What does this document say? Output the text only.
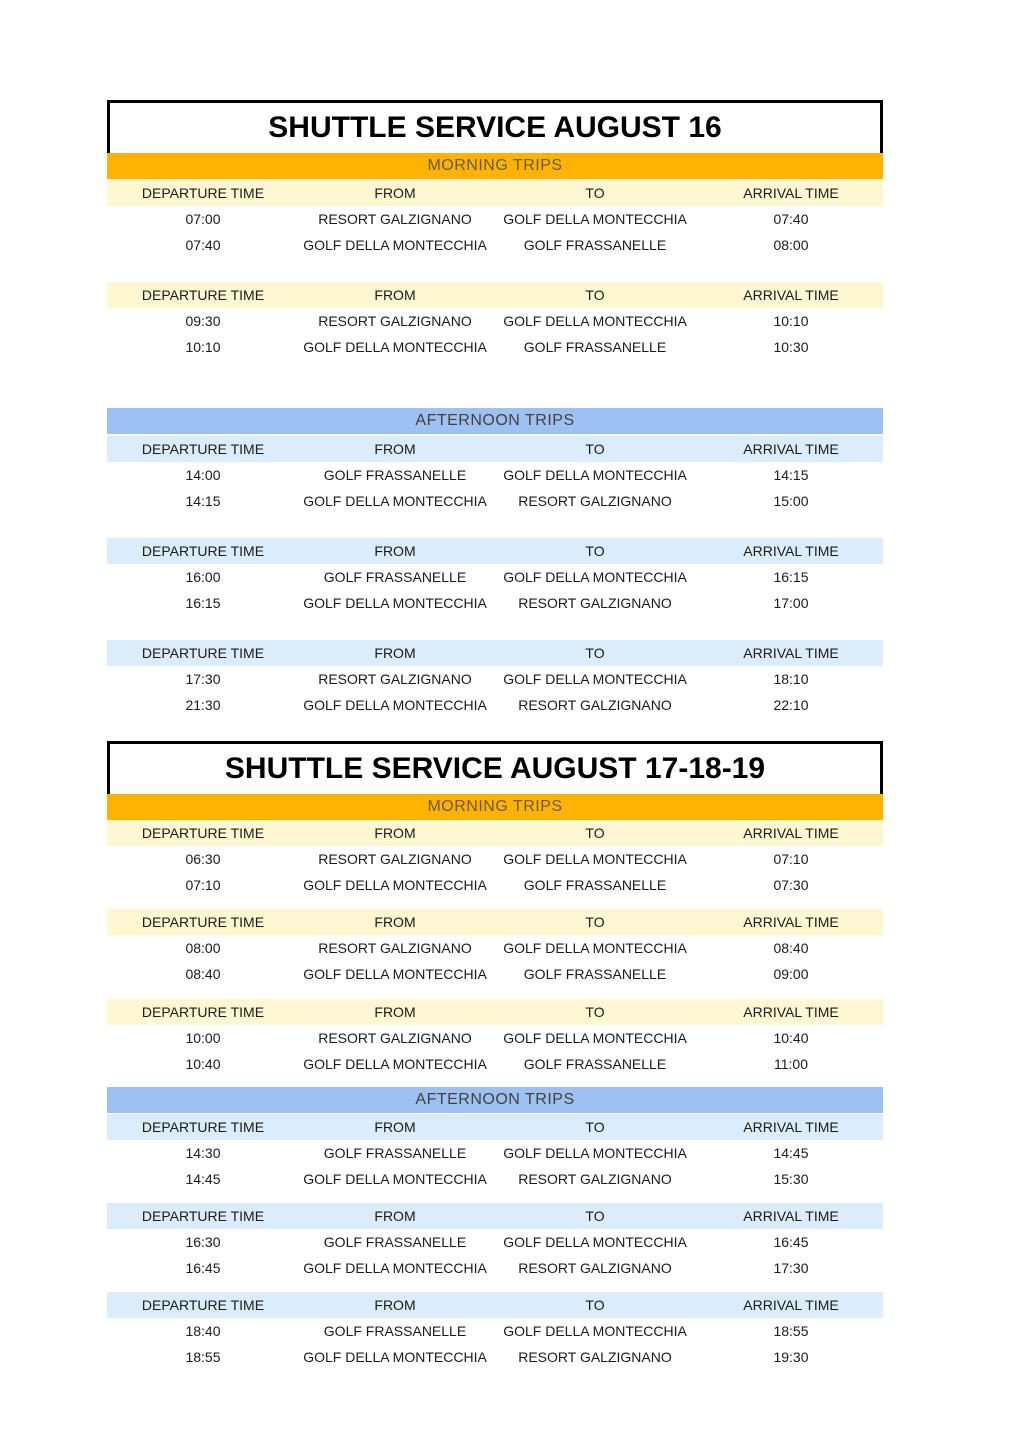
SHUTTLE SERVICE AUGUST 16
MORNING TRIPS
DEPARTURE TIME	FROM	TO	ARRIVAL TIME
07:00	RESORT GALZIGNANO	GOLF DELLA MONTECCHIA	07:40
07:40	GOLF DELLA MONTECCHIA	GOLF FRASSANELLE	08:00
DEPARTURE TIME	FROM	TO	ARRIVAL TIME
09:30	RESORT GALZIGNANO	GOLF DELLA MONTECCHIA	10:10
10:10	GOLF DELLA MONTECCHIA	GOLF FRASSANELLE	10:30
AFTERNOON TRIPS
DEPARTURE TIME	FROM	TO	ARRIVAL TIME
14:00	GOLF FRASSANELLE	GOLF DELLA MONTECCHIA	14:15
14:15	GOLF DELLA MONTECCHIA	RESORT GALZIGNANO	15:00
DEPARTURE TIME	FROM	TO	ARRIVAL TIME
16:00	GOLF FRASSANELLE	GOLF DELLA MONTECCHIA	16:15
16:15	GOLF DELLA MONTECCHIA	RESORT GALZIGNANO	17:00
DEPARTURE TIME	FROM	TO	ARRIVAL TIME
17:30	RESORT GALZIGNANO	GOLF DELLA MONTECCHIA	18:10
21:30	GOLF DELLA MONTECCHIA	RESORT GALZIGNANO	22:10
SHUTTLE SERVICE AUGUST 17-18-19
MORNING TRIPS
DEPARTURE TIME	FROM	TO	ARRIVAL TIME
06:30	RESORT GALZIGNANO	GOLF DELLA MONTECCHIA	07:10
07:10	GOLF DELLA MONTECCHIA	GOLF FRASSANELLE	07:30
DEPARTURE TIME	FROM	TO	ARRIVAL TIME
08:00	RESORT GALZIGNANO	GOLF DELLA MONTECCHIA	08:40
08:40	GOLF DELLA MONTECCHIA	GOLF FRASSANELLE	09:00
DEPARTURE TIME	FROM	TO	ARRIVAL TIME
10:00	RESORT GALZIGNANO	GOLF DELLA MONTECCHIA	10:40
10:40	GOLF DELLA MONTECCHIA	GOLF FRASSANELLE	11:00
AFTERNOON TRIPS
DEPARTURE TIME	FROM	TO	ARRIVAL TIME
14:30	GOLF FRASSANELLE	GOLF DELLA MONTECCHIA	14:45
14:45	GOLF DELLA MONTECCHIA	RESORT GALZIGNANO	15:30
DEPARTURE TIME	FROM	TO	ARRIVAL TIME
16:30	GOLF FRASSANELLE	GOLF DELLA MONTECCHIA	16:45
16:45	GOLF DELLA MONTECCHIA	RESORT GALZIGNANO	17:30
DEPARTURE TIME	FROM	TO	ARRIVAL TIME
18:40	GOLF FRASSANELLE	GOLF DELLA MONTECCHIA	18:55
18:55	GOLF DELLA MONTECCHIA	RESORT GALZIGNANO	19:30
